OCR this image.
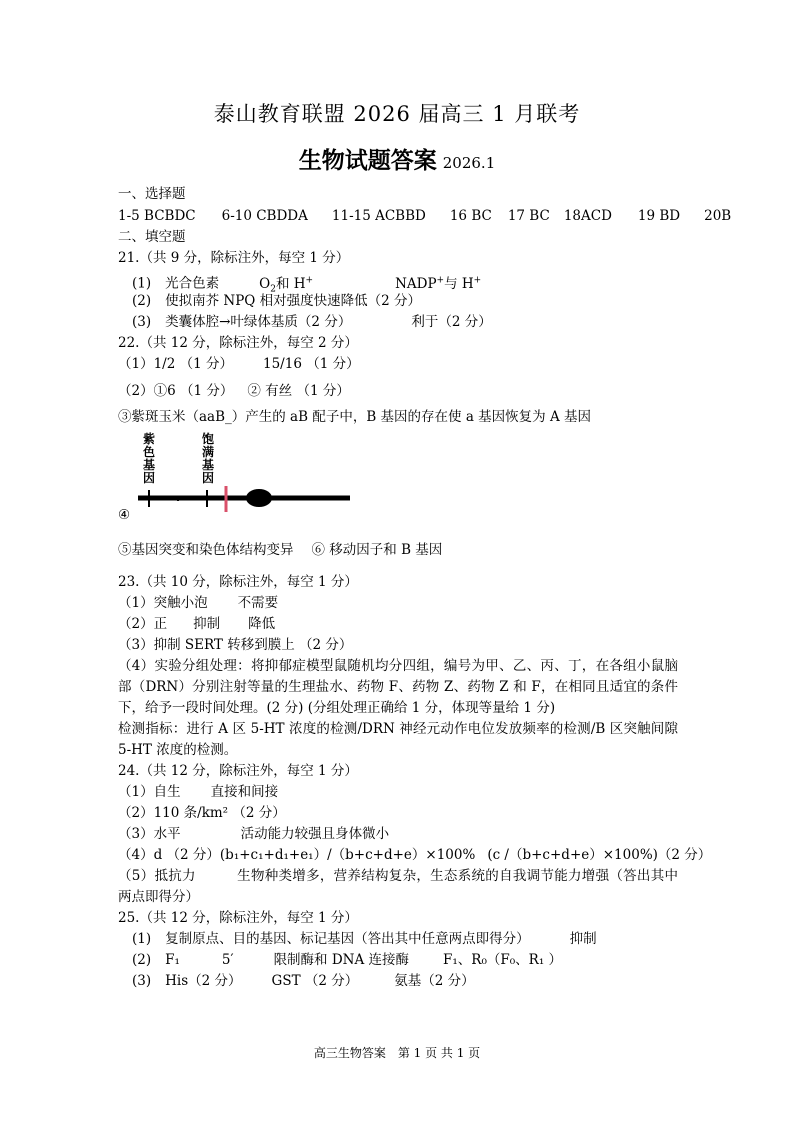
泰山教育联盟 2026 届高三 1 月联考
生物试题答案 2026.1
一、选择题
1-5 BCBDC 6-10 CBDDA 11-15 ACBBD 16 BC 17 BC 18ACD 19 BD 20B
二、填空题
21.（共 9 分，除标注外，每空 1 分）
(1) 光合色素	$O_2$和 H+	NADP+与 H+
(2) 使拟南芥 NPQ 相对强度快速降低（2 分）
(3) 类囊体腔→叶绿体基质（2 分）	利于（2 分）
22.（共 12 分，除标注外，每空 2 分）
（1）1/2 （1 分） 15/16 （1 分）
（2）①6 （1 分） ② 有丝 （1 分）
③紫斑玉米（aaB_）产生的 aB 配子中，B 基因的存在使 a 基因恢复为 A 基因
紫色基因
饱满基因
④
⑤基因突变和染色体结构变异 ⑥ 移动因子和 B 基因
23.（共 10 分，除标注外，每空 1 分）
（1）突触小泡 不需要
（2）正 抑制 降低
（3）抑制 SERT 转移到膜上 （2 分）
（4）实验分组处理：将抑郁症模型鼠随机均分四组，编号为甲、乙、丙、丁，在各组小鼠脑部（DRN）分别注射等量的生理盐水、药物 F、药物 Z、药物 Z 和 F，在相同且适宜的条件下，给予一段时间处理。(2 分) (分组处理正确给 1 分，体现等量给 1 分)
检测指标：进行 A 区 5-HT 浓度的检测/DRN 神经元动作电位发放频率的检测/B 区突触间隙 5-HT 浓度的检测。
24.（共 12 分，除标注外，每空 1 分）
（1）自生 直接和间接
（2）110 条/km² （2 分）
（3）水平	活动能力较强且身体微小
（4）d （2 分）(b₁+c₁+d₁+e₁）/（b+c+d+e）×100% (c /（b+c+d+e）×100%)（2 分）
（5）抵抗力　　　生物种类增多，营养结构复杂，生态系统的自我调节能力增强（答出其中两点即得分）
25.（共 12 分，除标注外，每空 1 分）
(1) 复制原点、目的基因、标记基因（答出其中任意两点即得分）	抑制
(2) F₁	5′	限制酶和 DNA 连接酶	F₁、R₀（F₀、R₁ ）
(3) His（2 分） GST （2 分）	氨基（2 分）
高三生物答案　第 1 页 共 1 页
